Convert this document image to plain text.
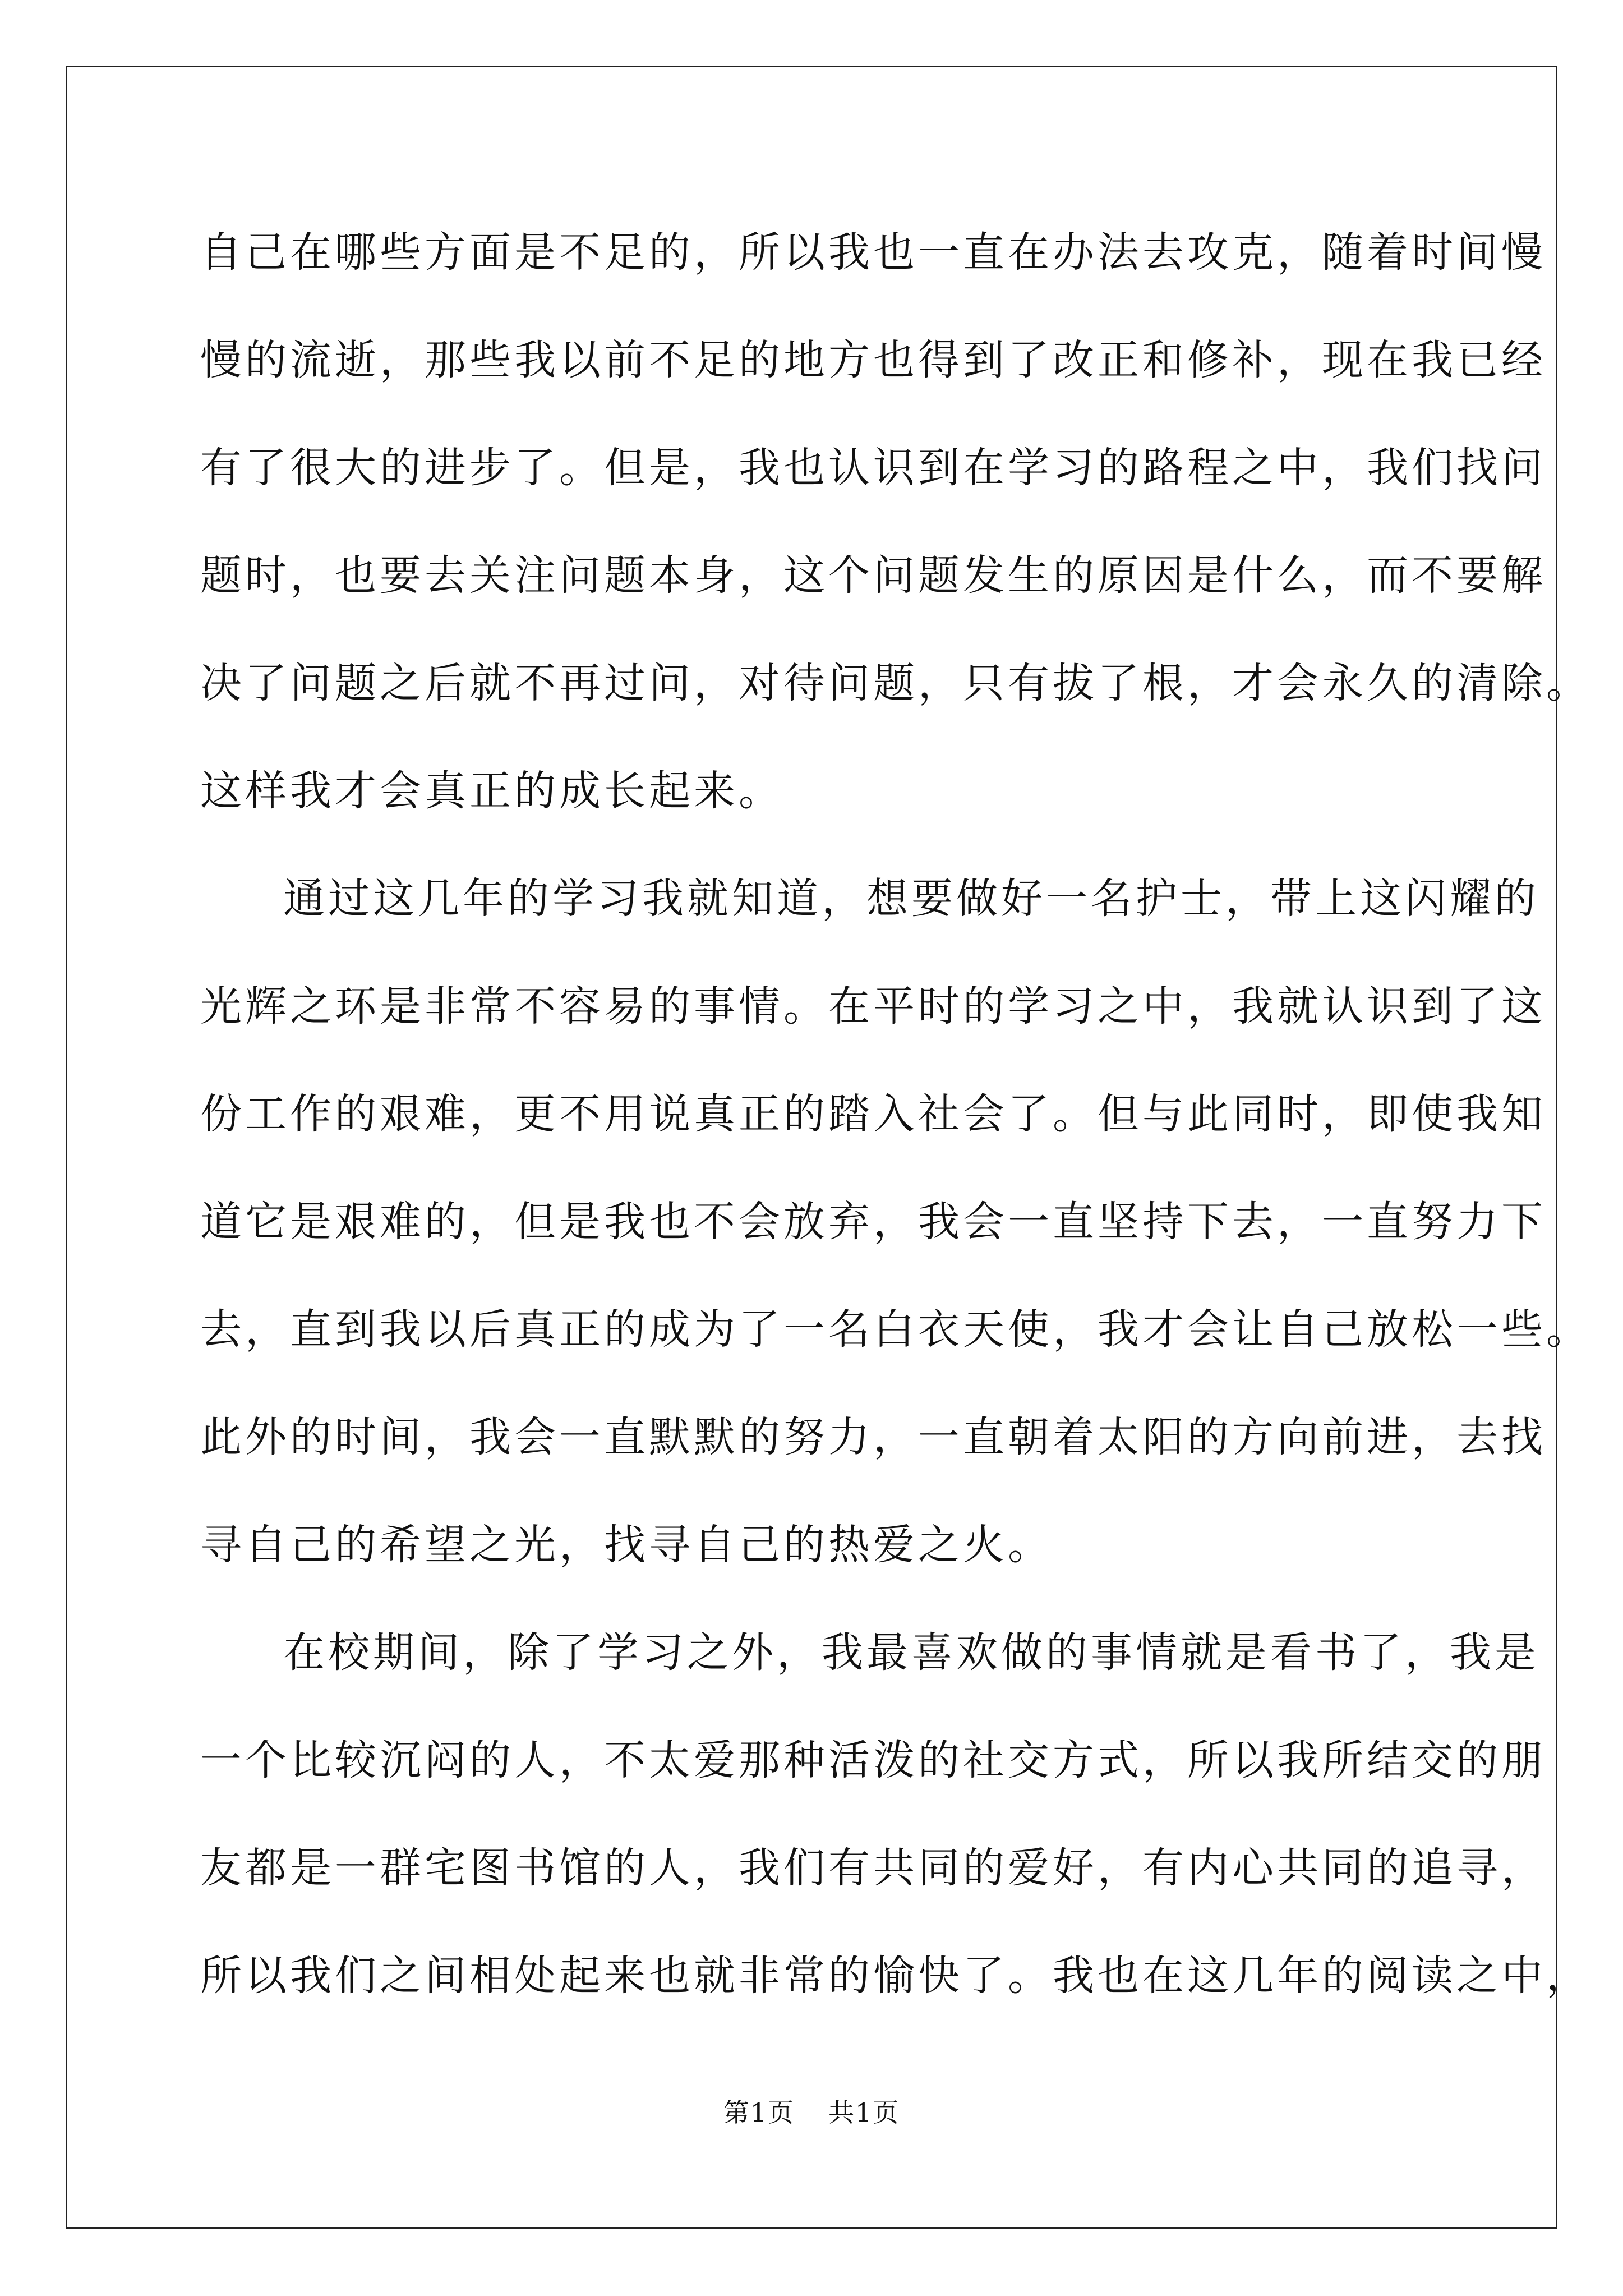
自己在哪些方面是不足的，所以我也一直在办法去攻克，随着时间慢
慢的流逝，那些我以前不足的地方也得到了改正和修补，现在我已经
有了很大的进步了。但是，我也认识到在学习的路程之中，我们找问
题时，也要去关注问题本身，这个问题发生的原因是什么，而不要解
决了问题之后就不再过问，对待问题，只有拔了根，才会永久的清除。
这样我才会真正的成长起来。
通过这几年的学习我就知道，想要做好一名护士，带上这闪耀的
光辉之环是非常不容易的事情。在平时的学习之中，我就认识到了这
份工作的艰难，更不用说真正的踏入社会了。但与此同时，即使我知
道它是艰难的，但是我也不会放弃，我会一直坚持下去，一直努力下
去，直到我以后真正的成为了一名白衣天使，我才会让自己放松一些。
此外的时间，我会一直默默的努力，一直朝着太阳的方向前进，去找
寻自己的希望之光，找寻自己的热爱之火。
在校期间，除了学习之外，我最喜欢做的事情就是看书了，我是
一个比较沉闷的人，不太爱那种活泼的社交方式，所以我所结交的朋
友都是一群宅图书馆的人，我们有共同的爱好，有内心共同的追寻，
所以我们之间相处起来也就非常的愉快了。我也在这几年的阅读之中，
第1页 共1页
